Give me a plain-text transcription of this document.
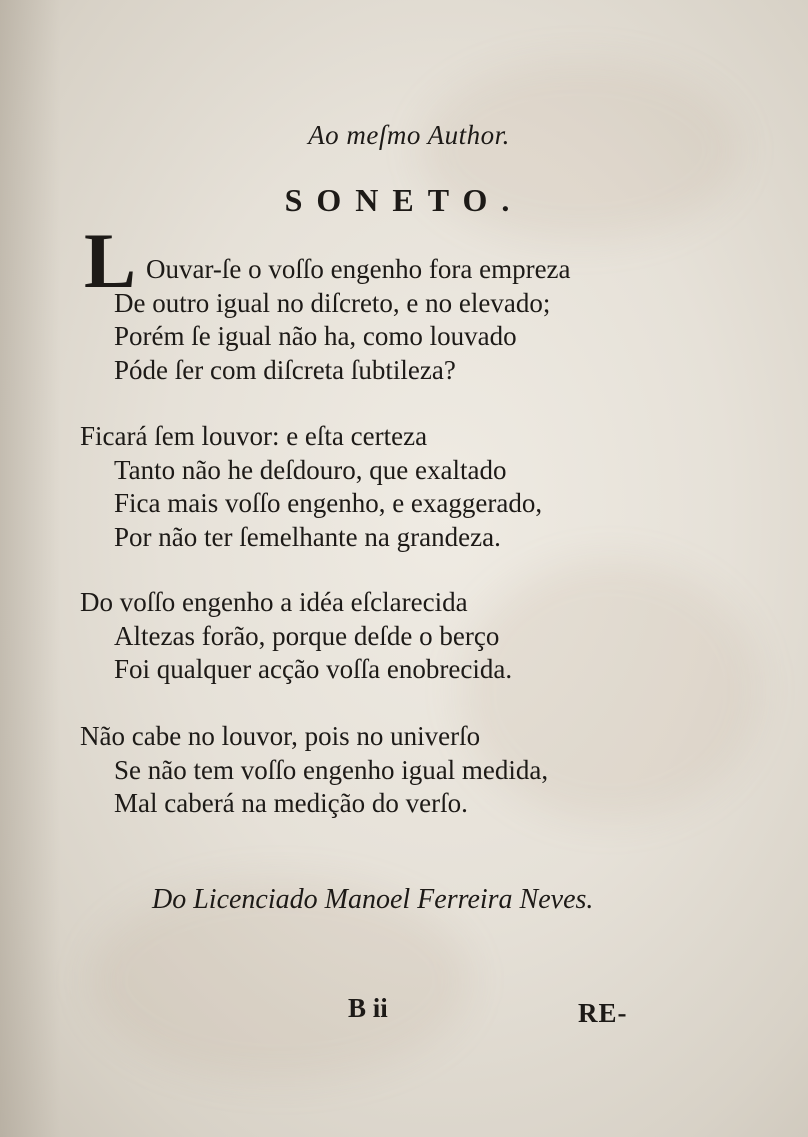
Ao meſmo Author.
SONETO.
L Ouvar-ſe o voſſo engenho fora empreza
De outro igual no diſcreto, e no elevado;
Porém ſe igual não ha, como louvado
Póde ſer com diſcreta ſubtileza?
Ficará ſem louvor: e eſta certeza
Tanto não he deſdouro, que exaltado
Fica mais voſſo engenho, e exaggerado,
Por não ter ſemelhante na grandeza.
Do voſſo engenho a idéa eſclarecida
Altezas forão, porque deſde o berço
Foi qualquer acção voſſa enobrecida.
Não cabe no louvor, pois no univerſo
Se não tem voſſo engenho igual medida,
Mal caberá na medição do verſo.
Do Licenciado Manoel Ferreira Neves.
B ii	RE-
